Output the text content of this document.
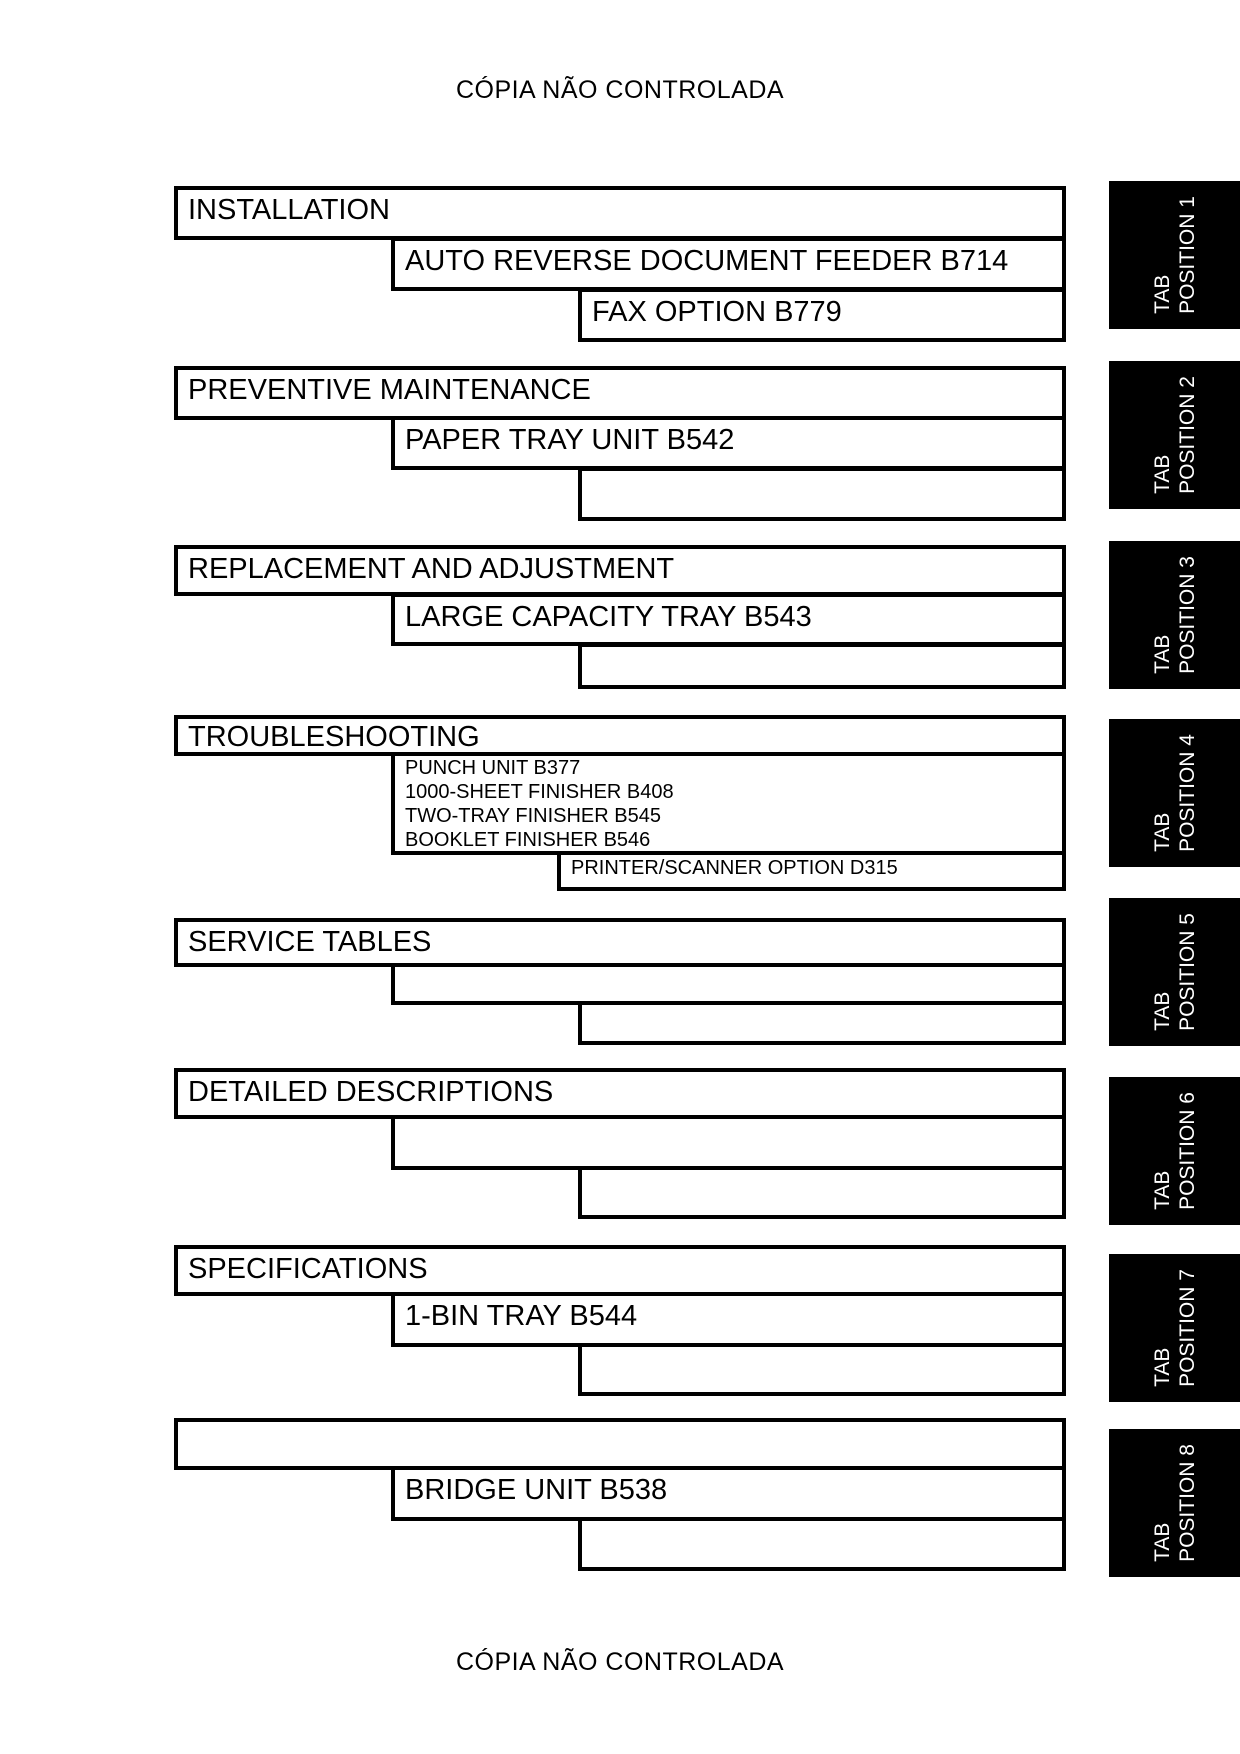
CÓPIA NÃO CONTROLADA
FAX OPTION B779
AUTO REVERSE DOCUMENT FEEDER B714
INSTALLATION
PAPER TRAY UNIT B542
PREVENTIVE MAINTENANCE
LARGE CAPACITY TRAY B543
REPLACEMENT AND ADJUSTMENT
PRINTER/SCANNER OPTION D315
PUNCH UNIT B377
1000-SHEET FINISHER B408
TWO-TRAY FINISHER B545
BOOKLET FINISHER B546
TROUBLESHOOTING
SERVICE TABLES
DETAILED DESCRIPTIONS
1-BIN TRAY B544
SPECIFICATIONS
BRIDGE UNIT B538
TAB POSITION 1
TAB POSITION 2
TAB POSITION 3
TAB POSITION 4
TAB POSITION 5
TAB POSITION 6
TAB POSITION 7
TAB POSITION 8
CÓPIA NÃO CONTROLADA
